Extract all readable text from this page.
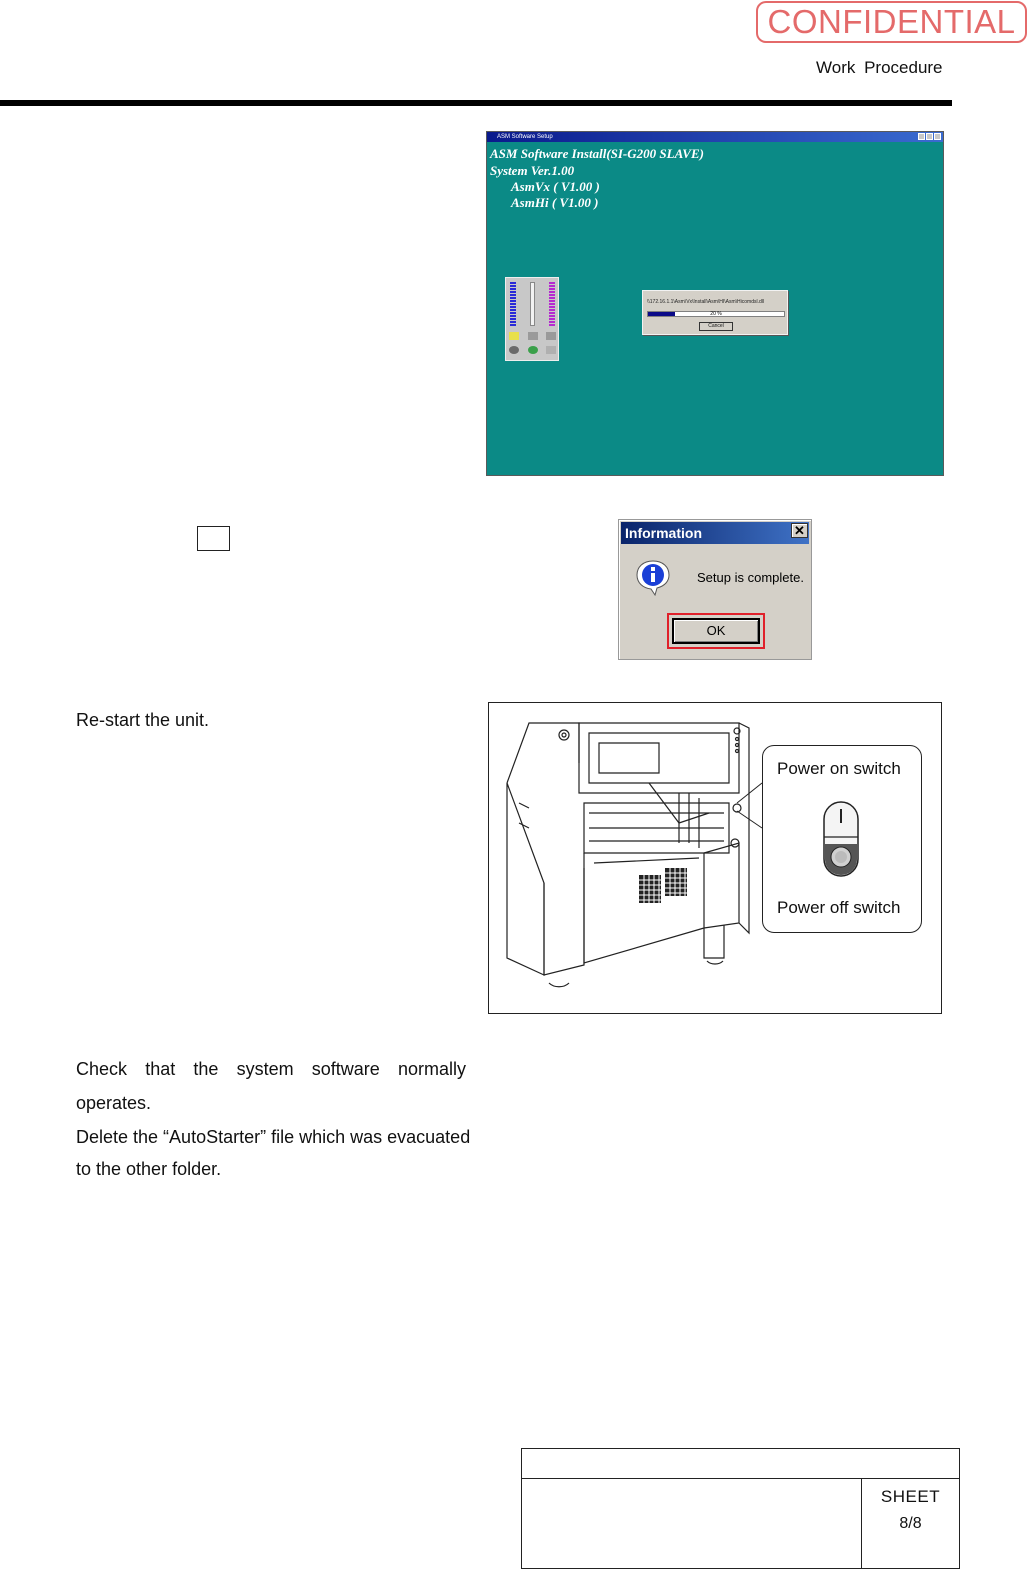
CONFIDENTIAL
Work Procedure
ASM Software Setup
ASM Software Install(SI-G200 SLAVE)
System Ver.1.00
AsmVx ( V1.00 )
AsmHi ( V1.00 )
\\172.16.1.1\Asm\Vx\Install\Asm\HI\Asm\Hicomdsl.dll
20 %
Cancel
Information	✕
Setup is complete.
OK
Re-start the unit.
Power on switch
Power off switch
Check that the system software normally
operates.
Delete the “AutoStarter” file which was evacuated to the other folder.
SHEET
8/8
